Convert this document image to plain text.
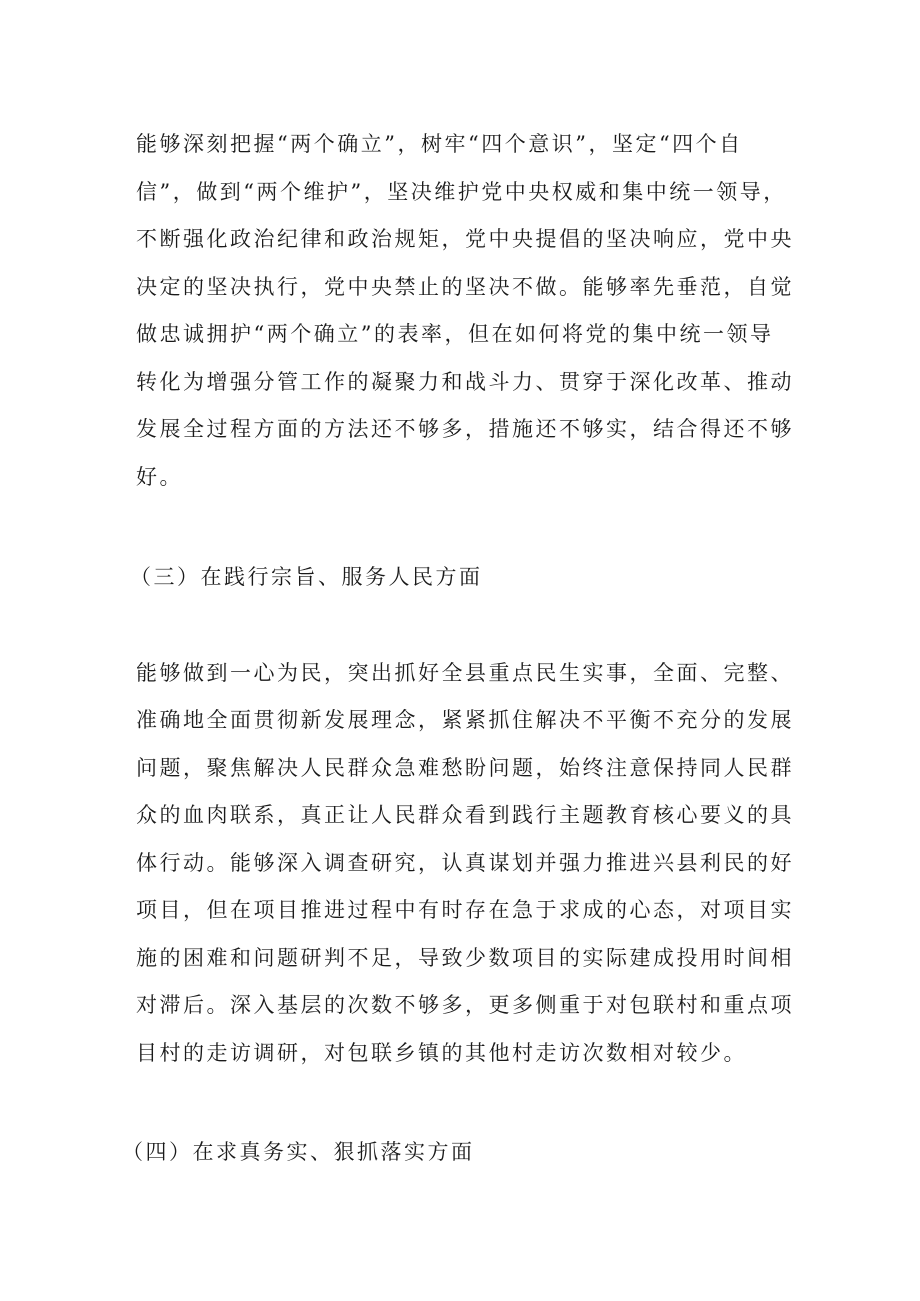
能够深刻把握“两个确立”，树牢“四个意识”，坚定“四个自
信”，做到“两个维护”，坚决维护党中央权威和集中统一领导，
不断强化政治纪律和政治规矩，党中央提倡的坚决响应，党中央
决定的坚决执行，党中央禁止的坚决不做。能够率先垂范，自觉
做忠诚拥护“两个确立”的表率，但在如何将党的集中统一领导
转化为增强分管工作的凝聚力和战斗力、贯穿于深化改革、推动
发展全过程方面的方法还不够多，措施还不够实，结合得还不够
好。
（三）在践行宗旨、服务人民方面
能够做到一心为民，突出抓好全县重点民生实事，全面、完整、
准确地全面贯彻新发展理念，紧紧抓住解决不平衡不充分的发展
问题，聚焦解决人民群众急难愁盼问题，始终注意保持同人民群
众的血肉联系，真正让人民群众看到践行主题教育核心要义的具
体行动。能够深入调查研究，认真谋划并强力推进兴县利民的好
项目，但在项目推进过程中有时存在急于求成的心态，对项目实
施的困难和问题研判不足，导致少数项目的实际建成投用时间相
对滞后。深入基层的次数不够多，更多侧重于对包联村和重点项
目村的走访调研，对包联乡镇的其他村走访次数相对较少。
（四）在求真务实、狠抓落实方面
